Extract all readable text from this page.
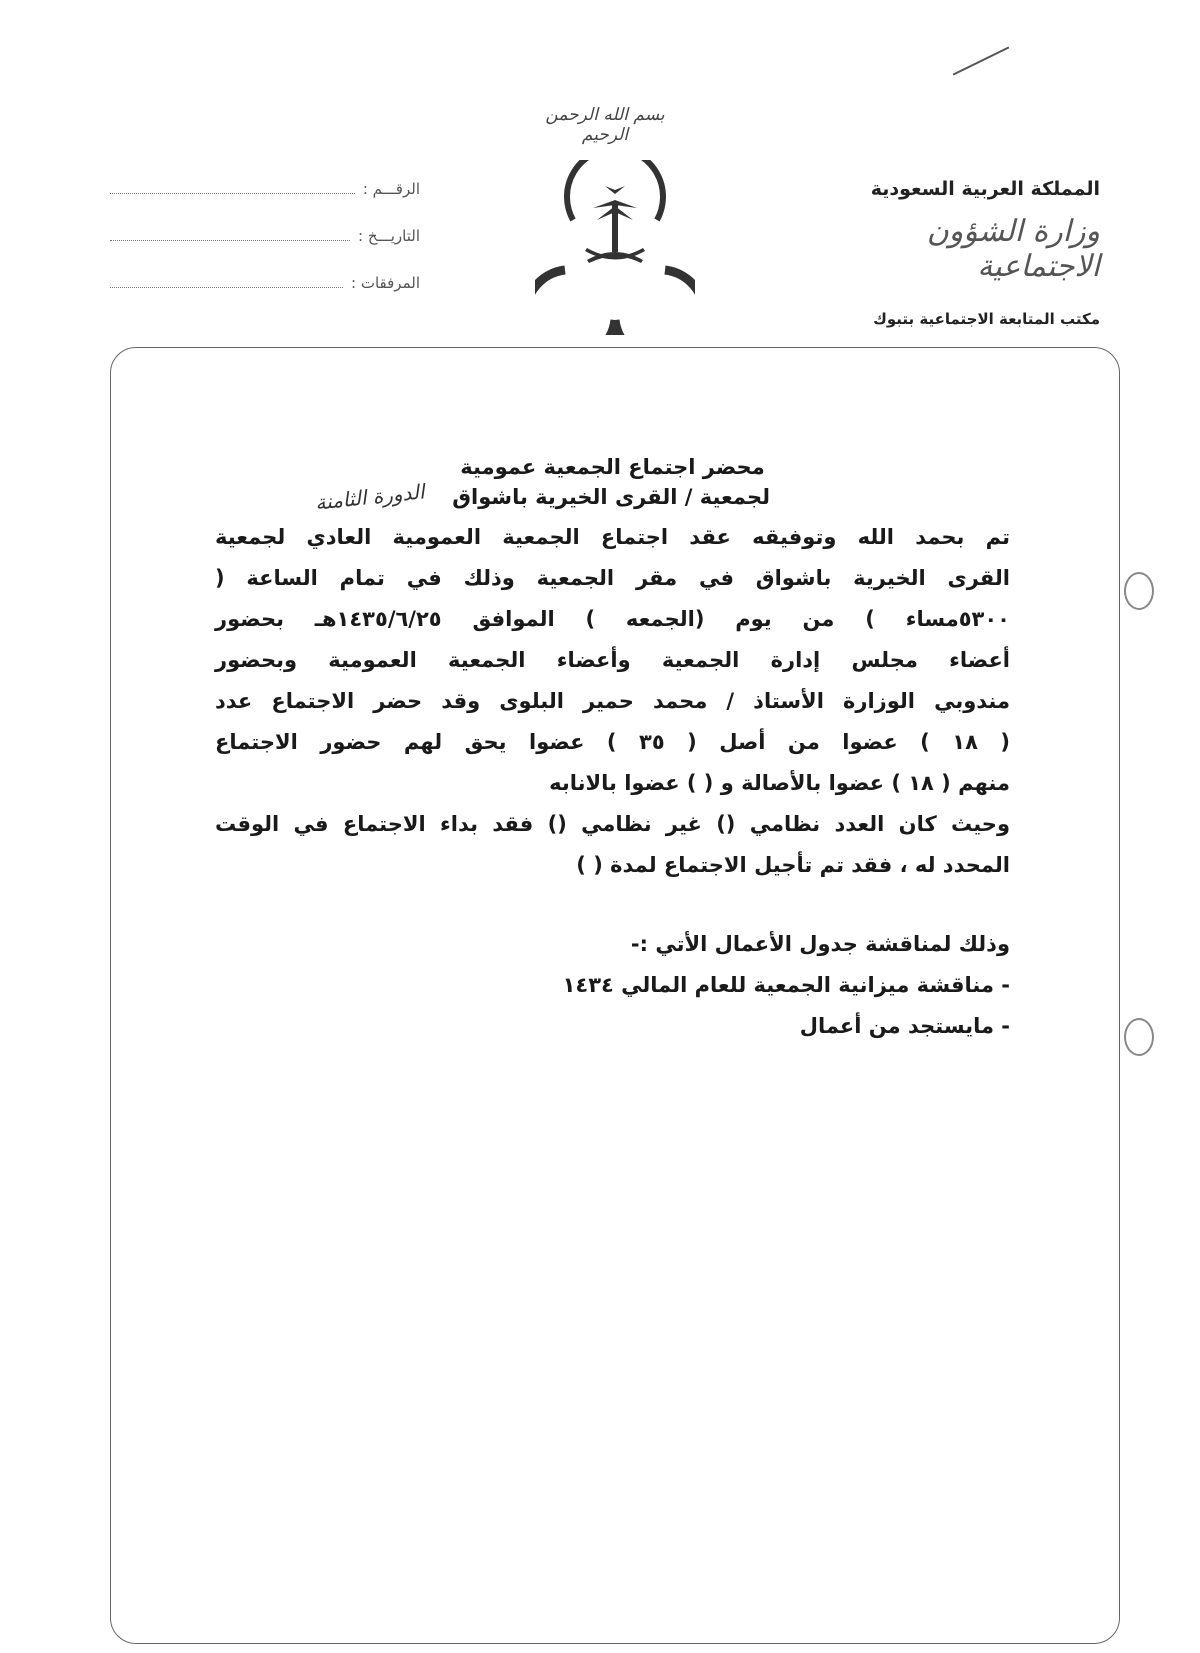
بسم الله الرحمن الرحيم
المملكة العربية السعودية
وزارة الشؤون الاجتماعية
مكتب المتابعة الاجتماعية بتبوك
الرقـــم :
التاريـــخ :
المرفقات :
محضر اجتماع الجمعية عمومية
لجمعية / القرى الخيرية باشواق
الدورة الثامنة
تم بحمد الله وتوفيقه عقد اجتماع الجمعية العمومية العادي لجمعية
القرى الخيرية باشواق في مقر الجمعية وذلك في تمام الساعة (
٥٣٠٠مساء ) من يوم (الجمعه ) الموافق ١٤٣٥/٦/٢٥هـ بحضور
أعضاء مجلس إدارة الجمعية وأعضاء الجمعية العمومية وبحضور
مندوبي الوزارة الأستاذ / محمد حمير البلوى وقد حضر الاجتماع عدد
( ١٨ ) عضوا من أصل ( ٣٥ ) عضوا يحق لهم حضور الاجتماع
منهم ( ١٨ ) عضوا بالأصالة و ( ) عضوا بالانابه
وحيث كان العدد نظامي () غير نظامي () فقد بداء الاجتماع في الوقت
المحدد له ، فقد تم تأجيل الاجتماع لمدة ( )
وذلك لمناقشة جدول الأعمال الأتي :-
- مناقشة ميزانية الجمعية للعام المالي ١٤٣٤
- مايستجد من أعمال
